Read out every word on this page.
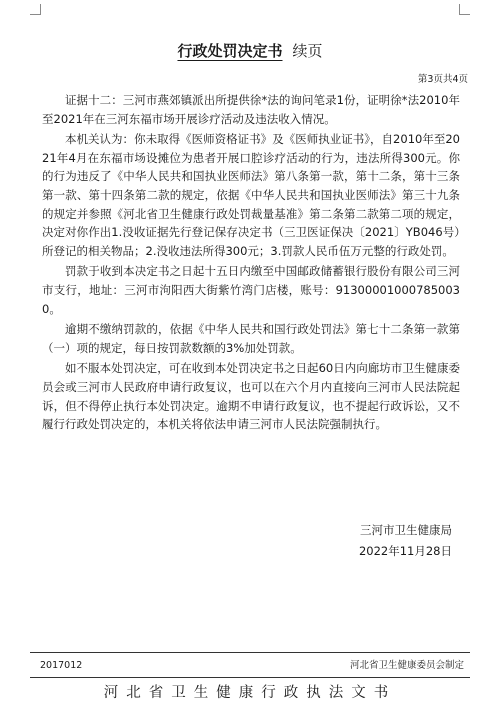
行政处罚决定书 续页
第3页共4页

证据十二：三河市燕郊镇派出所提供徐*法的询问笔录1份，证明徐*法2010年至2021年在三河东福市场开展诊疗活动及违法收入情况。

本机关认为：你未取得《医师资格证书》及《医师执业证书》，自2010年至2021年4月在东福市场设摊位为患者开展口腔诊疗活动的行为，违法所得300元。你的行为违反了《中华人民共和国执业医师法》第八条第一款，第十二条，第十三条第一款、第十四条第二款的规定，依据《中华人民共和国执业医师法》第三十九条的规定并参照《河北省卫生健康行政处罚裁量基准》第二条第二款第二项的规定，决定对你作出1.没收证据先行登记保存决定书（三卫医证保决〔2021〕YB046号）所登记的相关物品；2.没收违法所得300元；3.罚款人民币伍万元整的行政处罚。

罚款于收到本决定书之日起十五日内缴至中国邮政储蓄银行股份有限公司三河市支行，地址：三河市泃阳西大街紫竹湾门店楼，账号：913000010007850030。

逾期不缴纳罚款的，依据《中华人民共和国行政处罚法》第七十二条第一款第（一）项的规定，每日按罚款数额的3%加处罚款。

如不服本处罚决定，可在收到本处罚决定书之日起60日内向廊坊市卫生健康委员会或三河市人民政府申请行政复议，也可以在六个月内直接向三河市人民法院起诉，但不得停止执行本处罚决定。逾期不申请行政复议，也不提起行政诉讼，又不履行行政处罚决定的，本机关将依法申请三河市人民法院强制执行。

三河市卫生健康局
2022年11月28日
2017012	河北省卫生健康委员会制定
河北省卫生健康行政执法文书
